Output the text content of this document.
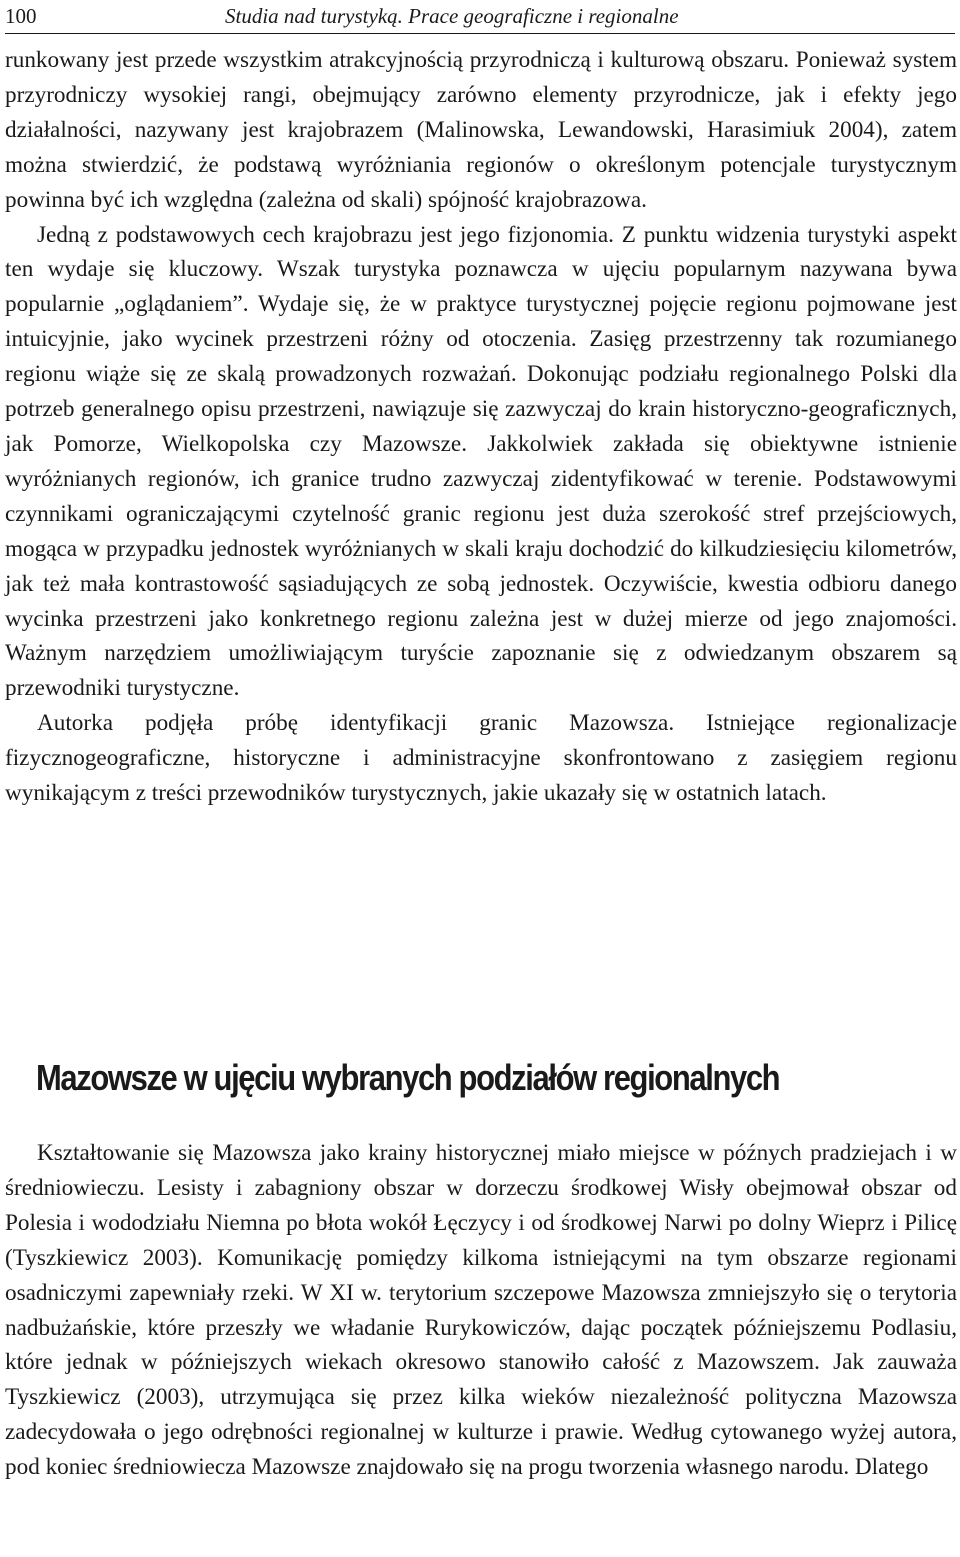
100	Studia nad turystyką. Prace geograficzne i regionalne

runkowany jest przede wszystkim atrakcyjnością przyrodniczą i kulturową obszaru. Ponieważ system przyrodniczy wysokiej rangi, obejmujący zarówno elementy przyrodnicze, jak i efekty jego działalności, nazywany jest krajobrazem (Malinowska, Lewandowski, Harasimiuk 2004), zatem można stwierdzić, że podstawą wyróżniania regionów o określonym potencjale turystycznym powinna być ich względna (zależna od skali) spójność krajobrazowa.

Jedną z podstawowych cech krajobrazu jest jego fizjonomia. Z punktu widzenia turystyki aspekt ten wydaje się kluczowy. Wszak turystyka poznawcza w ujęciu popularnym nazywana bywa popularnie „oglądaniem”. Wydaje się, że w praktyce turystycznej pojęcie regionu pojmowane jest intuicyjnie, jako wycinek przestrzeni różny od otoczenia. Zasięg przestrzenny tak rozumianego regionu wiąże się ze skalą prowadzonych rozważań. Dokonując podziału regionalnego Polski dla potrzeb generalnego opisu przestrzeni, nawiązuje się zazwyczaj do krain historyczno-geograficznych, jak Pomorze, Wielkopolska czy Mazowsze. Jakkolwiek zakłada się obiektywne istnienie wyróżnianych regionów, ich granice trudno zazwyczaj zidentyfikować w terenie. Podstawowymi czynnikami ograniczającymi czytelność granic regionu jest duża szerokość stref przejściowych, mogąca w przypadku jednostek wyróżnianych w skali kraju dochodzić do kilkudziesięciu kilometrów, jak też mała kontrastowość sąsiadujących ze sobą jednostek. Oczywiście, kwestia odbioru danego wycinka przestrzeni jako konkretnego regionu zależna jest w dużej mierze od jego znajomości. Ważnym narzędziem umożliwiającym turyście zapoznanie się z odwiedzanym obszarem są przewodniki turystyczne.

Autorka podjęła próbę identyfikacji granic Mazowsza. Istniejące regionalizacje fizycznogeograficzne, historyczne i administracyjne skonfrontowano z zasięgiem regionu wynikającym z treści przewodników turystycznych, jakie ukazały się w ostatnich latach.

Mazowsze w ujęciu wybranych podziałów regionalnych

Kształtowanie się Mazowsza jako krainy historycznej miało miejsce w późnych pradziejach i w średniowieczu. Lesisty i zabagniony obszar w dorzeczu środkowej Wisły obejmował obszar od Polesia i wododziału Niemna po błota wokół Łęczycy i od środkowej Narwi po dolny Wieprz i Pilicę (Tyszkiewicz 2003). Komunikację pomiędzy kilkoma istniejącymi na tym obszarze regionami osadniczymi zapewniały rzeki. W XI w. terytorium szczepowe Mazowsza zmniejszyło się o terytoria nadbużańskie, które przeszły we władanie Rurykowiczów, dając początek późniejszemu Podlasiu, które jednak w późniejszych wiekach okresowo stanowiło całość z Mazowszem. Jak zauważa Tyszkiewicz (2003), utrzymująca się przez kilka wieków niezależność polityczna Mazowsza zadecydowała o jego odrębności regionalnej w kulturze i prawie. Według cytowanego wyżej autora, pod koniec średniowiecza Mazowsze znajdowało się na progu tworzenia własnego narodu. Dlatego
